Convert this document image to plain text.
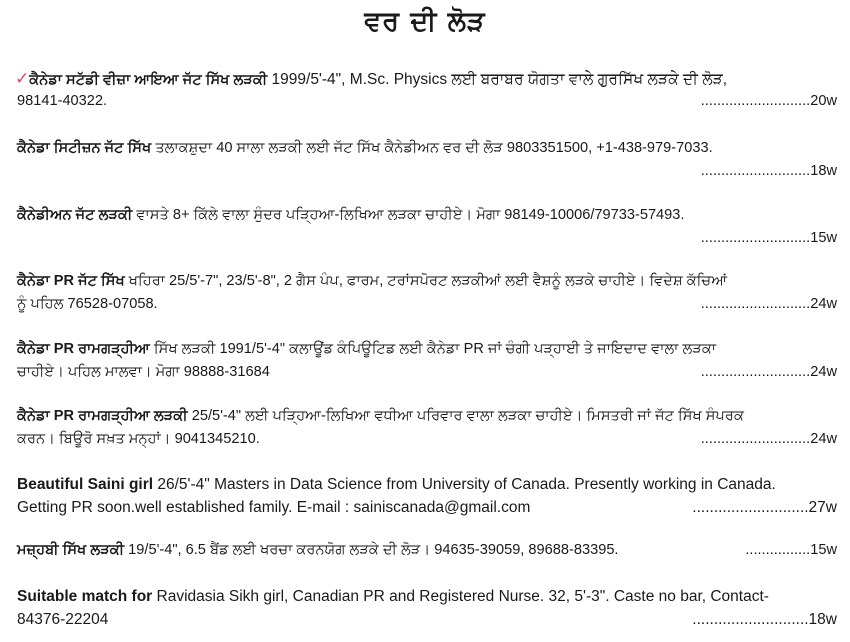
ਵਰ ਦੀ ਲੋੜ
✓ਕੈਨੇਡਾ ਸਟੱਡੀ ਵੀਜ਼ਾ ਆਇਆ ਜੱਟ ਸਿੱਖ ਲੜਕੀ 1999/5'-4", M.Sc. Physics ਲਈ ਬਰਾਬਰ ਯੋਗਤਾ ਵਾਲੇ ਗੁਰਸਿੱਖ ਲੜਕੇ ਦੀ ਲੋੜ,
98141-40322.	...........................20w
ਕੈਨੇਡਾ ਸਿਟੀਜ਼ਨ ਜੱਟ ਸਿੱਖ ਤਲਾਕਸ਼ੁਦਾ 40 ਸਾਲਾ ਲੜਕੀ ਲਈ ਜੱਟ ਸਿੱਖ ਕੈਨੇਡੀਅਨ ਵਰ ਦੀ ਲੋੜ 9803351500, +1-438-979-7033.
...........................18w
ਕੈਨੇਡੀਅਨ ਜੱਟ ਲੜਕੀ ਵਾਸਤੇ 8+ ਕਿੱਲੇ ਵਾਲਾ ਸੁੰਦਰ ਪੜ੍ਹਿਆ-ਲਿਖਿਆ ਲੜਕਾ ਚਾਹੀਏ। ਮੋਗਾ 98149-10006/79733-57493.
...........................15w
ਕੈਨੇਡਾ PR ਜੱਟ ਸਿੱਖ ਖਹਿਰਾ 25/5'-7", 23/5'-8", 2 ਗੈਸ ਪੰਪ, ਫਾਰਮ, ਟਰਾਂਸਪੋਰਟ ਲੜਕੀਆਂ ਲਈ ਵੈਸ਼ਨੂੰ ਲੜਕੇ ਚਾਹੀਏ। ਵਿਦੇਸ਼ ਕੱਚਿਆਂ
ਨੂੰ ਪਹਿਲ 76528-07058.	...........................24w
ਕੈਨੇਡਾ PR ਰਾਮਗੜ੍ਹੀਆ ਸਿੱਖ ਲੜਕੀ 1991/5'-4" ਕਲਾਊਂਡ ਕੰਪਿਊਟਿਡ ਲਈ ਕੈਨੇਡਾ PR ਜਾਂ ਚੰਗੀ ਪੜ੍ਹਾਈ ਤੇ ਜਾਇਦਾਦ ਵਾਲਾ ਲੜਕਾ
ਚਾਹੀਏ। ਪਹਿਲ ਮਾਲਵਾ। ਮੋਗਾ 98888-31684	...........................24w
ਕੈਨੇਡਾ PR ਰਾਮਗੜ੍ਹੀਆ ਲੜਕੀ 25/5'-4" ਲਈ ਪੜ੍ਹਿਆ-ਲਿਖਿਆ ਵਧੀਆ ਪਰਿਵਾਰ ਵਾਲਾ ਲੜਕਾ ਚਾਹੀਏ। ਮਿਸਤਰੀ ਜਾਂ ਜੱਟ ਸਿੱਖ ਸੰਪਰਕ
ਕਰਨ। ਬਿਊਰੋ ਸਖ਼ਤ ਮਨ੍ਹਾਂ। 9041345210.	...........................24w
Beautiful Saini girl 26/5'-4" Masters in Data Science from University of Canada. Presently working in Canada.
Getting PR soon.well established family. E-mail : sainiscanada@gmail.com	...........................27w
ਮਜ਼੍ਹਬੀ ਸਿੱਖ ਲੜਕੀ 19/5'-4", 6.5 ਬੈਂਡ ਲਈ ਖਰਚਾ ਕਰਨਯੋਗ ਲੜਕੇ ਦੀ ਲੋੜ। 94635-39059, 89688-83395.	................15w
Suitable match for Ravidasia Sikh girl, Canadian PR and Registered Nurse. 32, 5'-3". Caste no bar, Contact-
84376-22204	...........................18w
